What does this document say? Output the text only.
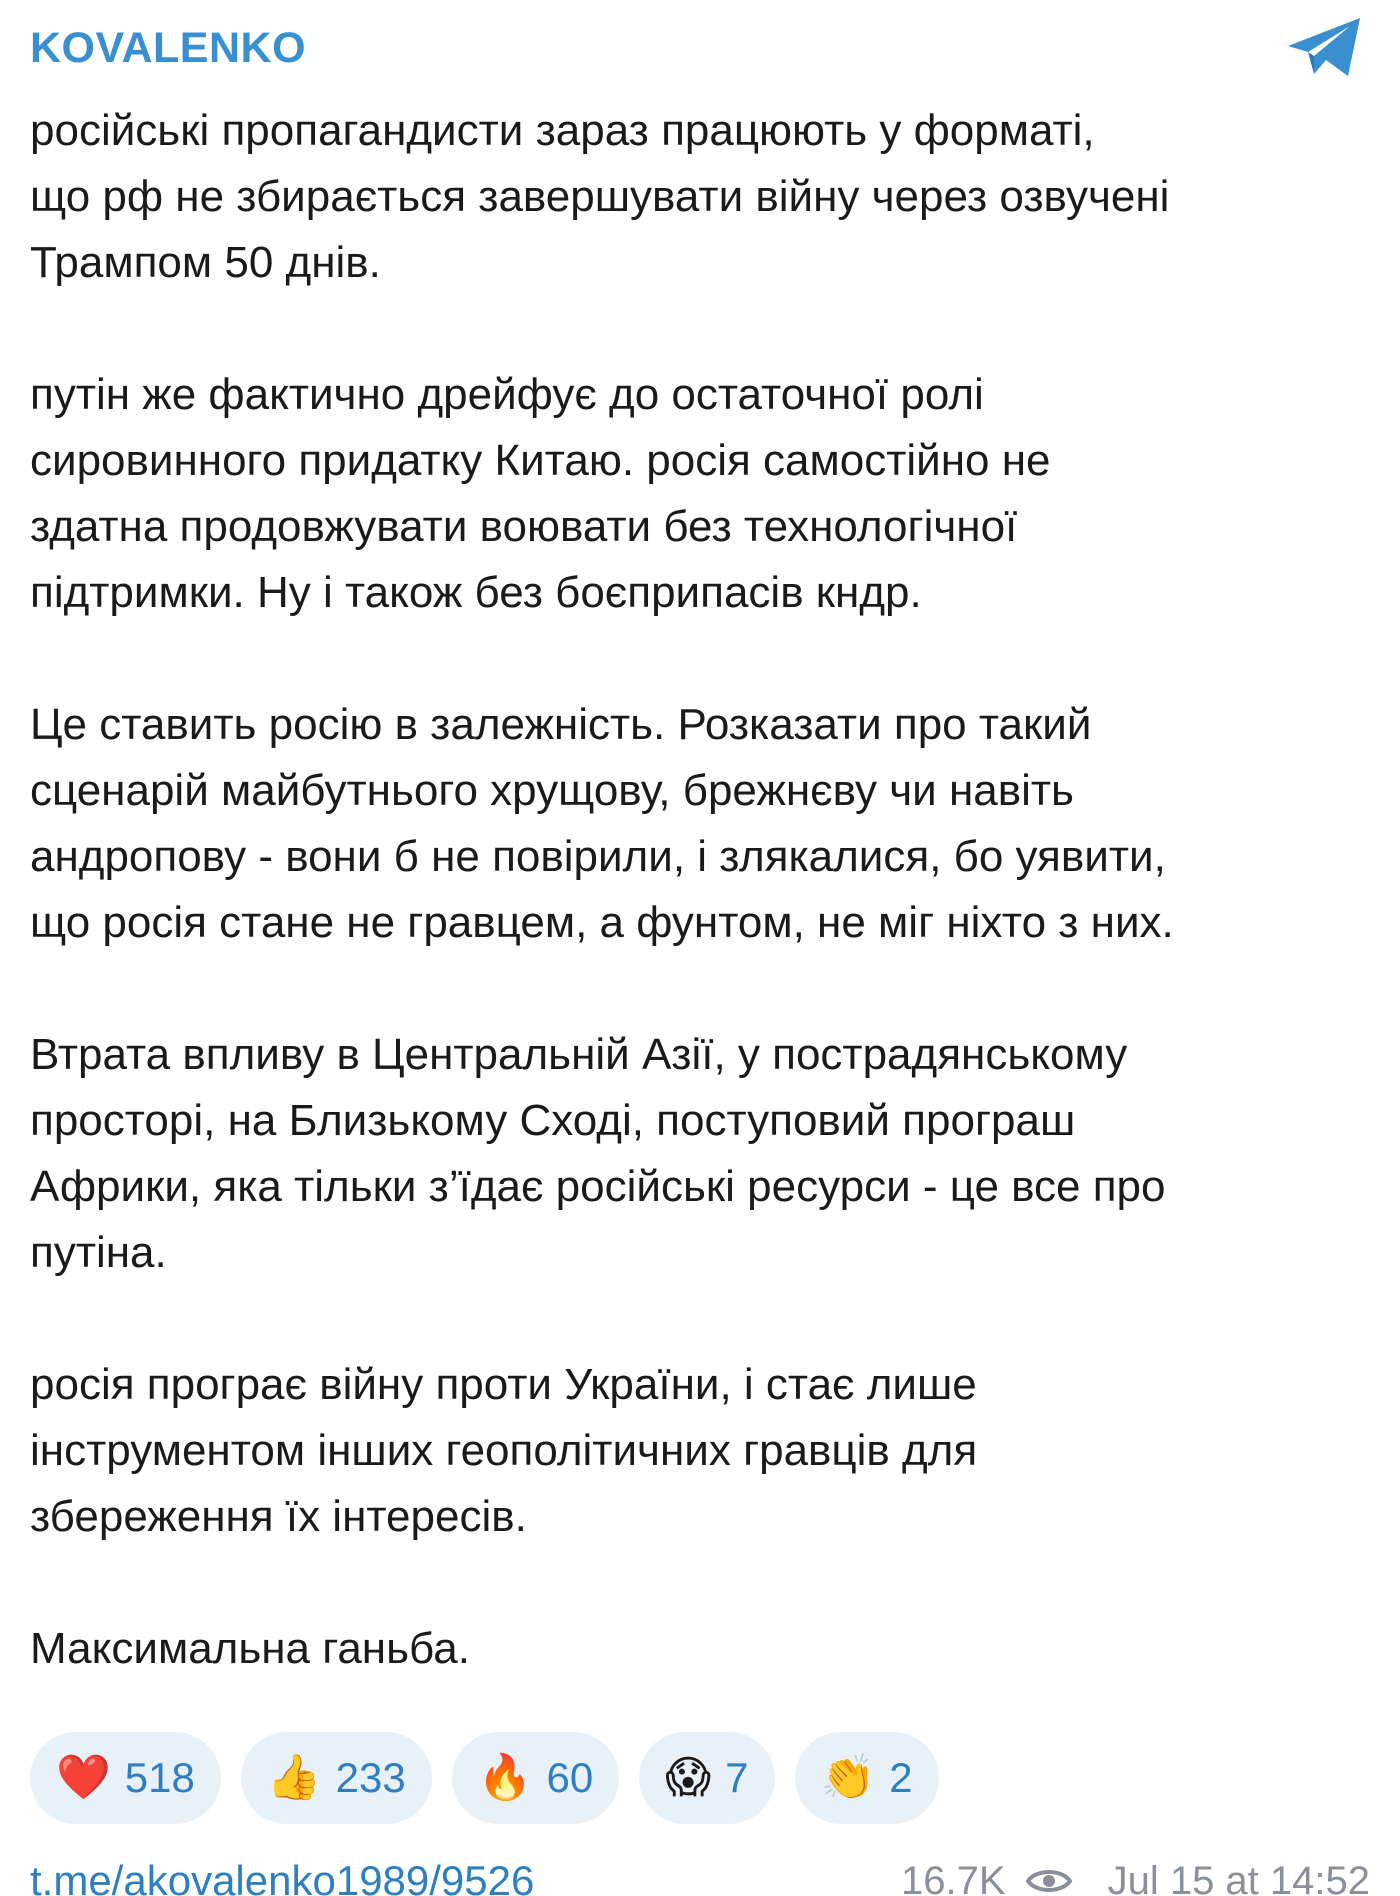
KOVALENKO
російські пропагандисти зараз працюють у форматі,
що рф не збирається завершувати війну через озвучені
Трампом 50 днів.
путін же фактично дрейфує до остаточної ролі
сировинного придатку Китаю. росія самостійно не
здатна продовжувати воювати без технологічної
підтримки. Ну і також без боєприпасів кндр.
Це ставить росію в залежність. Розказати про такий
сценарій майбутнього хрущову, брежнєву чи навіть
андропову - вони б не повірили, і злякалися, бо уявити,
що росія стане не гравцем, а фунтом, не міг ніхто з них.
Втрата впливу в Центральній Азії, у пострадянському
просторі, на Близькому Сході, поступовий програш
Африки, яка тільки з’їдає російські ресурси - це все про
путіна.
росія програє війну проти України, і стає лише
інструментом інших геополітичних гравців для
збереження їх інтересів.
Максимальна ганьба.
❤️ 518 👍 233 🔥 60 😱 7 👏 2
t.me/akovalenko1989/9526	16.7K	Jul 15 at 14:52
